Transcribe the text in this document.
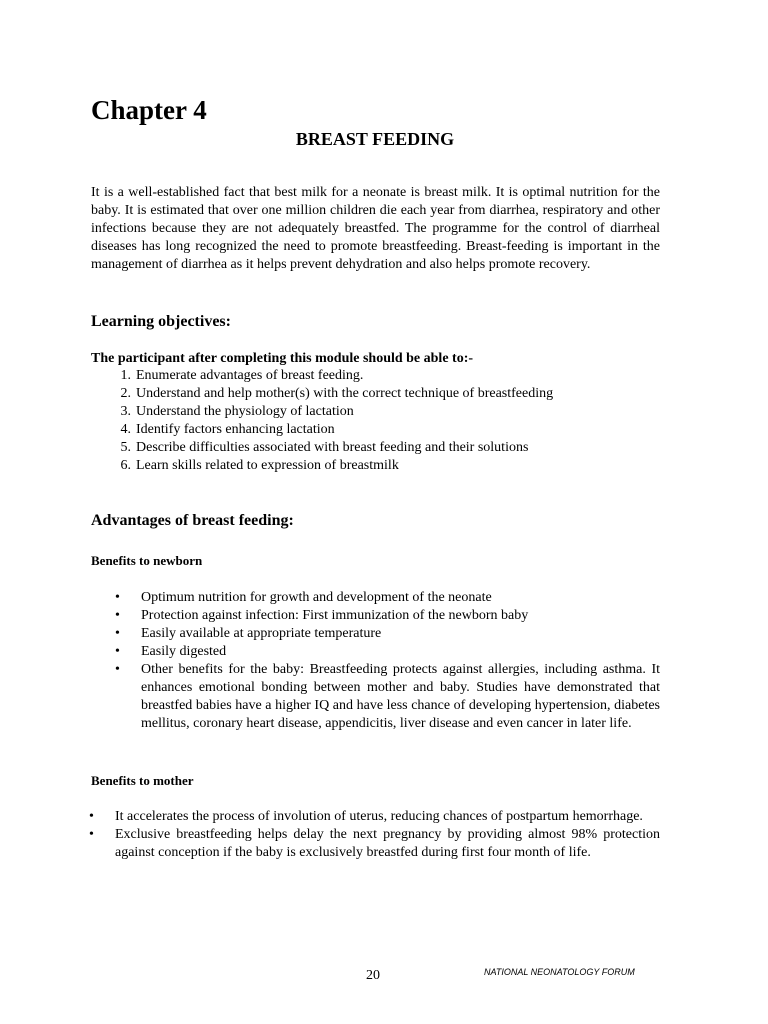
Chapter 4
BREAST FEEDING

It is a well-established fact that best milk for a neonate is breast milk. It is optimal nutrition for the baby. It is estimated that over one million children die each year from diarrhea, respiratory and other infections because they are not adequately breastfed. The programme for the control of diarrheal diseases has long recognized the need to promote breastfeeding. Breast-feeding is important in the management of diarrhea as it helps prevent dehydration and also helps promote recovery.

Learning objectives:

The participant after completing this module should be able to:-

1. Enumerate advantages of breast feeding.
2. Understand and help mother(s) with the correct technique of breastfeeding
3. Understand the physiology of lactation
4. Identify factors enhancing lactation
5. Describe difficulties associated with breast feeding and their solutions
6. Learn skills related to expression of breastmilk
Advantages of breast feeding:
Benefits to newborn
• Optimum nutrition for growth and development of the neonate
• Protection against infection: First immunization of the newborn baby
• Easily available at appropriate temperature
• Easily digested
• Other benefits for the baby: Breastfeeding protects against allergies, including asthma. It enhances emotional bonding between mother and baby. Studies have demonstrated that breastfed babies have a higher IQ and have less chance of developing hypertension, diabetes mellitus, coronary heart disease, appendicitis, liver disease and even cancer in later life.
Benefits to mother
• It accelerates the process of involution of uterus, reducing chances of postpartum hemorrhage.
• Exclusive breastfeeding helps delay the next pregnancy by providing almost 98% protection against conception if the baby is exclusively breastfed during first four month of life.

20	NATIONAL NEONATOLOGY FORUM
